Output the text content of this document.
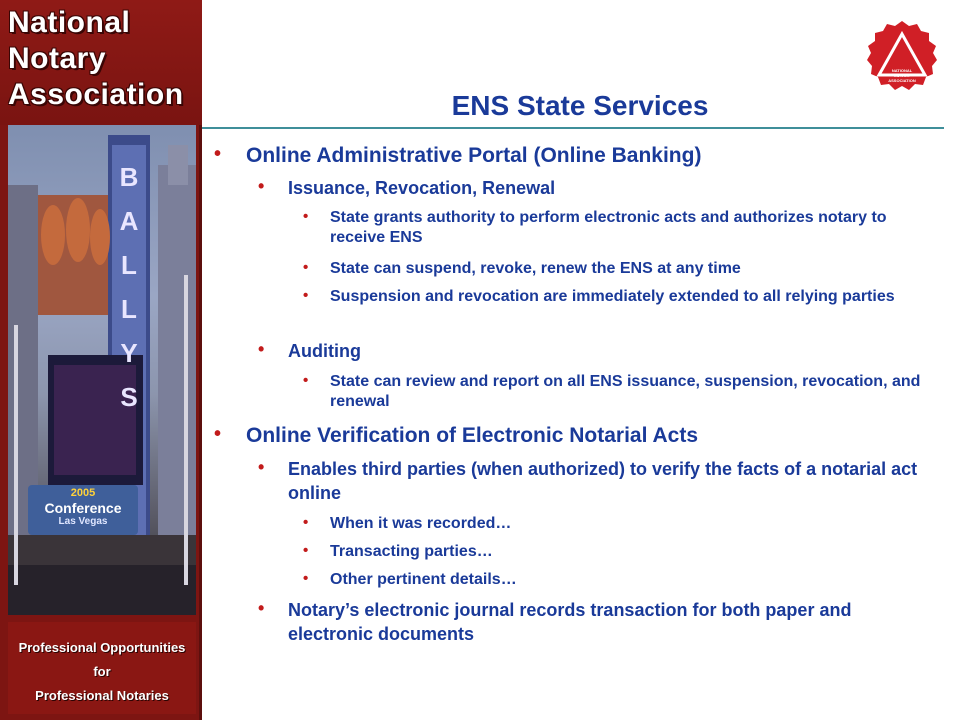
National
Notary
Association
BALLYS
2005
Conference
Las Vegas
Professional Opportunities
for
Professional Notaries
NATIONAL NOTARY ASSOCIATION
ENS State Services
• Online Administrative Portal (Online Banking)
• Issuance, Revocation, Renewal
• State grants authority to perform electronic acts and authorizes notary to receive ENS
• State can suspend, revoke, renew the ENS at any time
• Suspension and revocation are immediately extended to all relying parties
• Auditing
• State can review and report on all ENS issuance, suspension, revocation, and renewal
• Online Verification of Electronic Notarial Acts
• Enables third parties (when authorized) to verify the facts of a notarial act online
• When it was recorded…
• Transacting parties…
• Other pertinent details…
• Notary’s electronic journal records transaction for both paper and electronic documents
